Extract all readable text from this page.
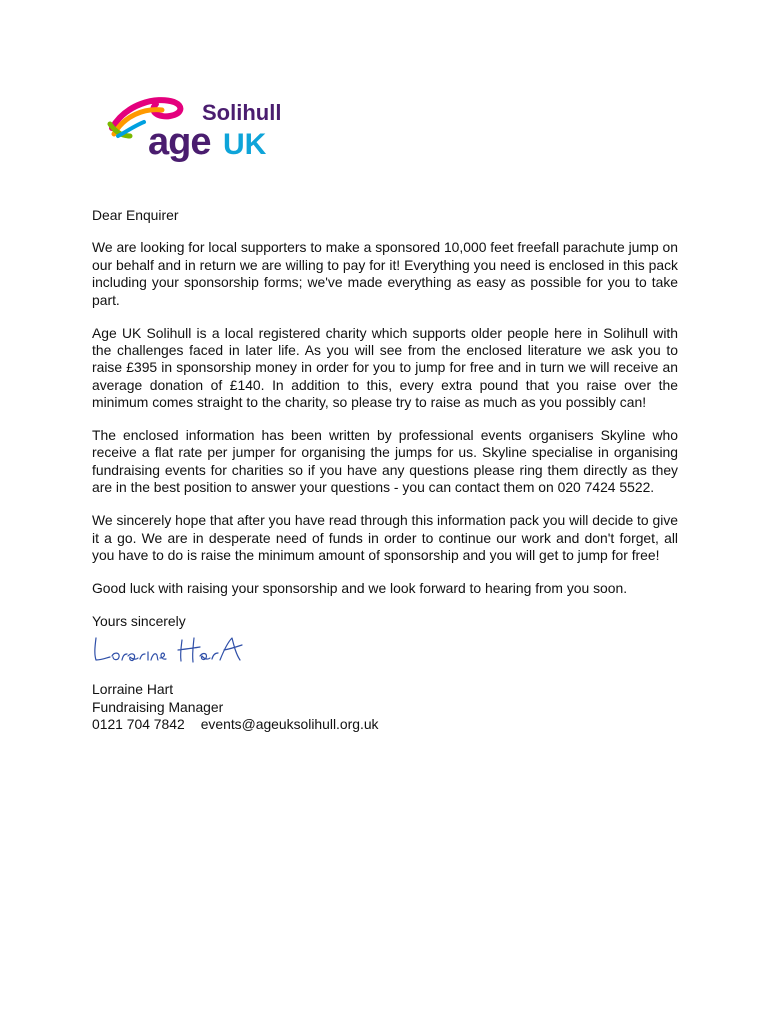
Solihull
age UK

Dear Enquirer

We are looking for local supporters to make a sponsored 10,000 feet freefall parachute jump on our behalf and in return we are willing to pay for it! Everything you need is enclosed in this pack including your sponsorship forms; we've made everything as easy as possible for you to take part.

Age UK Solihull is a local registered charity which supports older people here in Solihull with the challenges faced in later life. As you will see from the enclosed literature we ask you to raise £395 in sponsorship money in order for you to jump for free and in turn we will receive an average donation of £140. In addition to this, every extra pound that you raise over the minimum comes straight to the charity, so please try to raise as much as you possibly can!

The enclosed information has been written by professional events organisers Skyline who receive a flat rate per jumper for organising the jumps for us. Skyline specialise in organising fundraising events for charities so if you have any questions please ring them directly as they are in the best position to answer your questions - you can contact them on 020 7424 5522.

We sincerely hope that after you have read through this information pack you will decide to give it a go. We are in desperate need of funds in order to continue our work and don't forget, all you have to do is raise the minimum amount of sponsorship and you will get to jump for free!

Good luck with raising your sponsorship and we look forward to hearing from you soon.

Yours sincerely

Lorraine Hart
Fundraising Manager
0121 704 7842 events@ageuksolihull.org.uk
